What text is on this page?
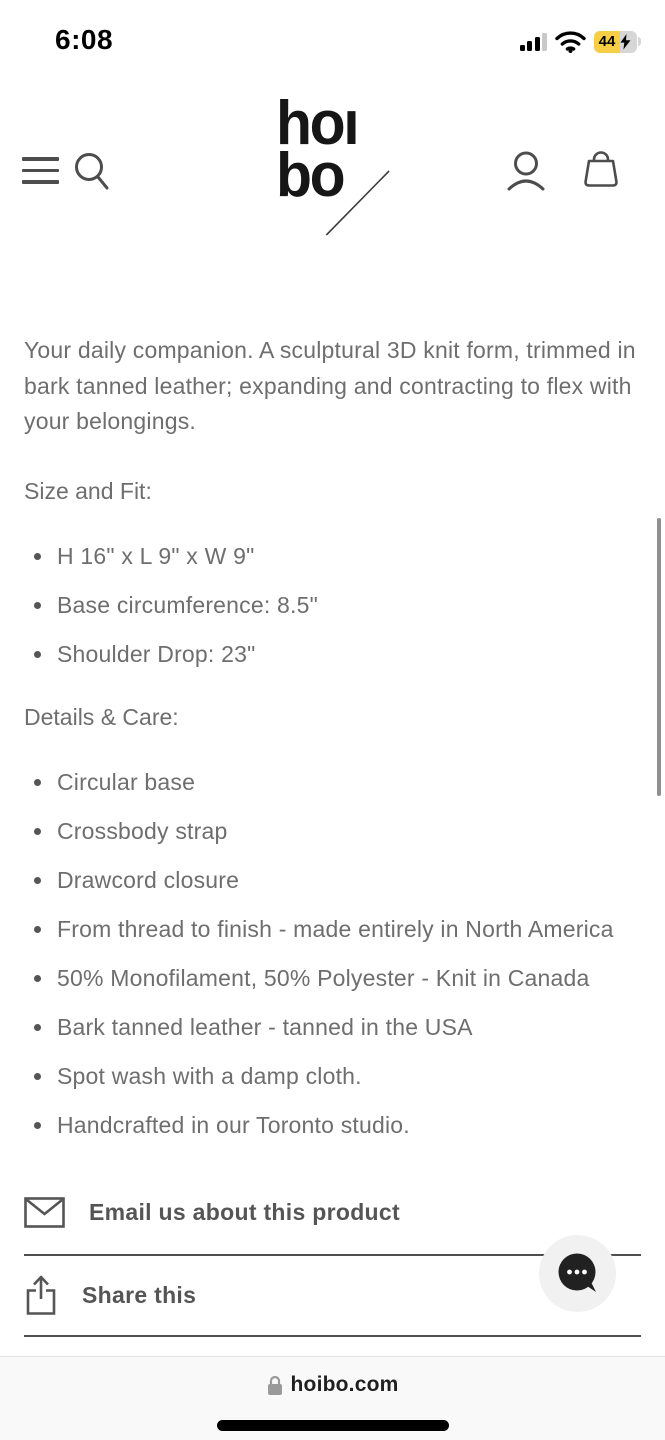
6:08	44
hoı
bo

Your daily companion. A sculptural 3D knit form, trimmed in bark tanned leather; expanding and contracting to flex with your belongings.

Size and Fit:
H 16" x L 9" x W 9"
Base circumference: 8.5"
Shoulder Drop: 23"
Details & Care:
Circular base
Crossbody strap
Drawcord closure
From thread to finish - made entirely in North America
50% Monofilament, 50% Polyester - Knit in Canada
Bark tanned leather - tanned in the USA
Spot wash with a damp cloth.
Handcrafted in our Toronto studio.
Email us about this product
Share this
hoibo.com
